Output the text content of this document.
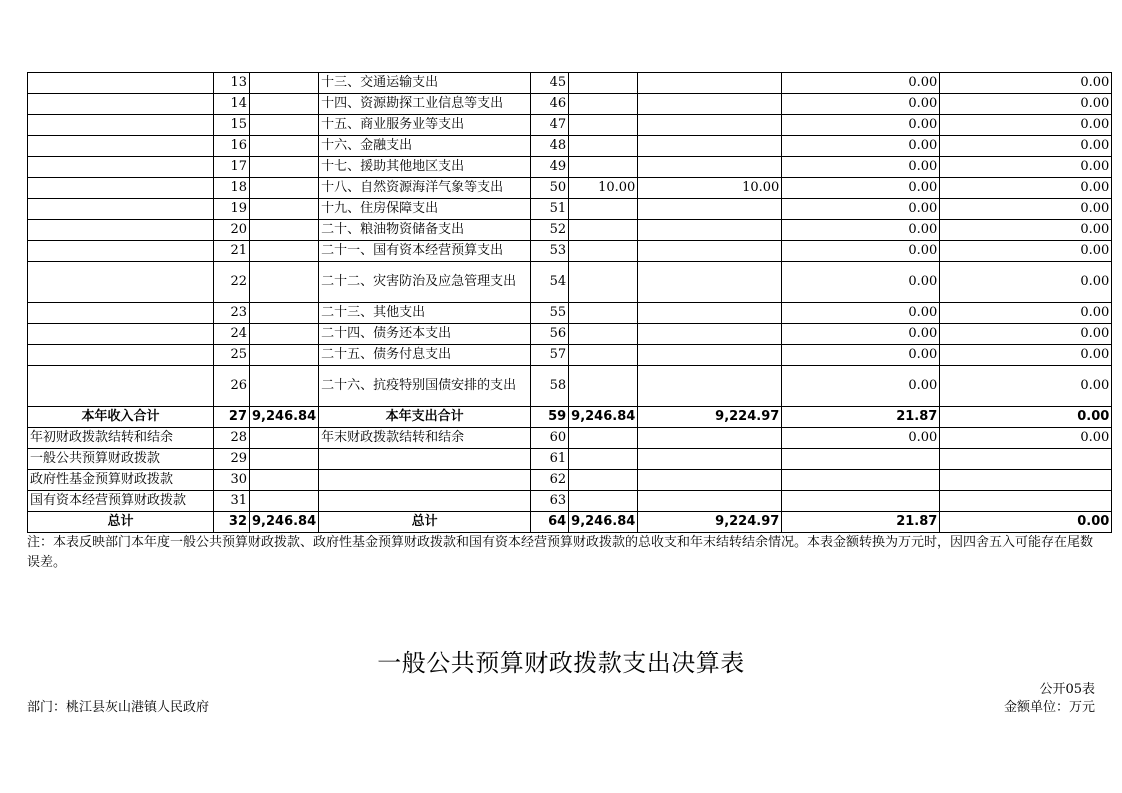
	13		十三、交通运输支出	45			0.00	0.00
	14		十四、资源勘探工业信息等支出	46			0.00	0.00
	15		十五、商业服务业等支出	47			0.00	0.00
	16		十六、金融支出	48			0.00	0.00
	17		十七、援助其他地区支出	49			0.00	0.00
	18		十八、自然资源海洋气象等支出	50	10.00	10.00	0.00	0.00
	19		十九、住房保障支出	51			0.00	0.00
	20		二十、粮油物资储备支出	52			0.00	0.00
	21		二十一、国有资本经营预算支出	53			0.00	0.00
	22		二十二、灾害防治及应急管理支出	54			0.00	0.00
	23		二十三、其他支出	55			0.00	0.00
	24		二十四、债务还本支出	56			0.00	0.00
	25		二十五、债务付息支出	57			0.00	0.00
	26		二十六、抗疫特别国债安排的支出	58			0.00	0.00
本年收入合计	27	9,246.84	本年支出合计	59	9,246.84	9,224.97	21.87	0.00
年初财政拨款结转和结余	28		年末财政拨款结转和结余	60			0.00	0.00
一般公共预算财政拨款	29			61				
政府性基金预算财政拨款	30			62				
国有资本经营预算财政拨款	31			63				
总计	32	9,246.84	总计	64	9,246.84	9,224.97	21.87	0.00
注：本表反映部门本年度一般公共预算财政拨款、政府性基金预算财政拨款和国有资本经营预算财政拨款的总收支和年末结转结余情况。本表金额转换为万元时，因四舍五入可能存在尾数误差。
一般公共预算财政拨款支出决算表
公开05表
部门：桃江县灰山港镇人民政府	金额单位：万元
